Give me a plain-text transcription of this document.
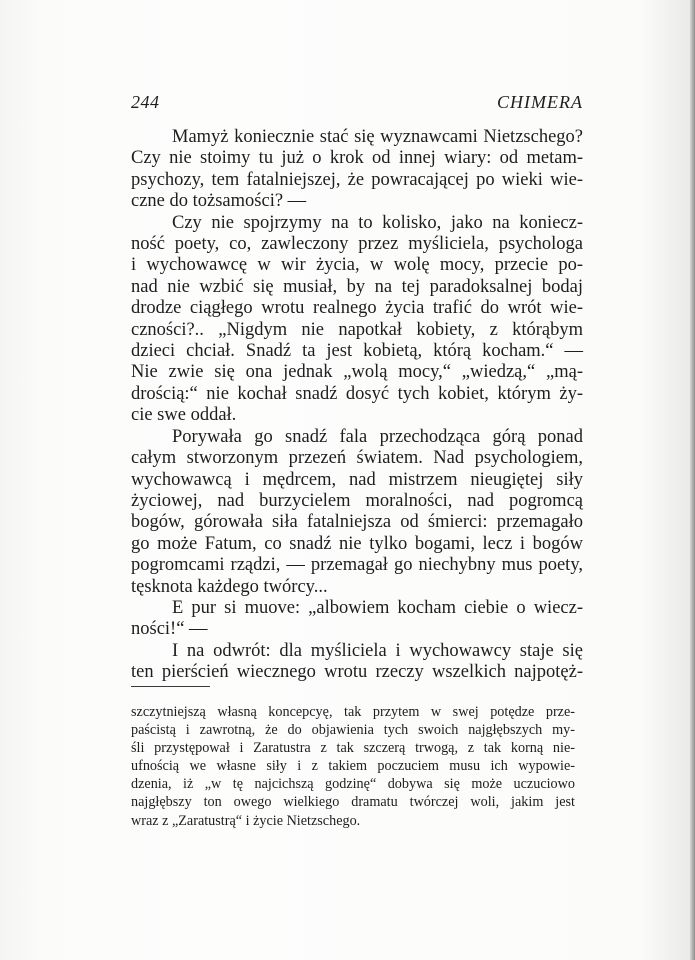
244	CHIMERA
Mamyż koniecznie stać się wyznawcami Nietzschego?
Czy nie stoimy tu już o krok od innej wiary: od metam-
psychozy, tem fatalniejszej, że powracającej po wieki wie-
czne do tożsamości? —
Czy nie spojrzymy na to kolisko, jako na koniecz-
ność poety, co, zawleczony przez myśliciela, psychologa
i wychowawcę w wir życia, w wolę mocy, przecie po-
nad nie wzbić się musiał, by na tej paradoksalnej bodaj
drodze ciągłego wrotu realnego życia trafić do wrót wie-
czności?.. „Nigdym nie napotkał kobiety, z którąbym
dzieci chciał. Snadź ta jest kobietą, którą kocham.“ —
Nie zwie się ona jednak „wolą mocy,“ „wiedzą,“ „mą-
drością:“ nie kochał snadź dosyć tych kobiet, którym ży-
cie swe oddał.
Porywała go snadź fala przechodząca górą ponad
całym stworzonym przezeń światem. Nad psychologiem,
wychowawcą i mędrcem, nad mistrzem nieugiętej siły
życiowej, nad burzycielem moralności, nad pogromcą
bogów, górowała siła fatalniejsza od śmierci: przemagało
go może Fatum, co snadź nie tylko bogami, lecz i bogów
pogromcami rządzi, — przemagał go niechybny mus poety,
tęsknota każdego twórcy...
E pur si muove: „albowiem kocham ciebie o wiecz-
ności!“ —
I na odwrót: dla myśliciela i wychowawcy staje się
ten pierścień wiecznego wrotu rzeczy wszelkich najpotęż-
szczytniejszą własną koncepcyę, tak przytem w swej potędze prze-
paścistą i zawrotną, że do objawienia tych swoich najgłębszych my-
śli przystępował i Zaratustra z tak szczerą trwogą, z tak korną nie-
ufnością we własne siły i z takiem poczuciem musu ich wypowie-
dzenia, iż „w tę najcichszą godzinę“ dobywa się może uczuciowo
najgłębszy ton owego wielkiego dramatu twórczej woli, jakim jest
wraz z „Zaratustrą“ i życie Nietzschego.
